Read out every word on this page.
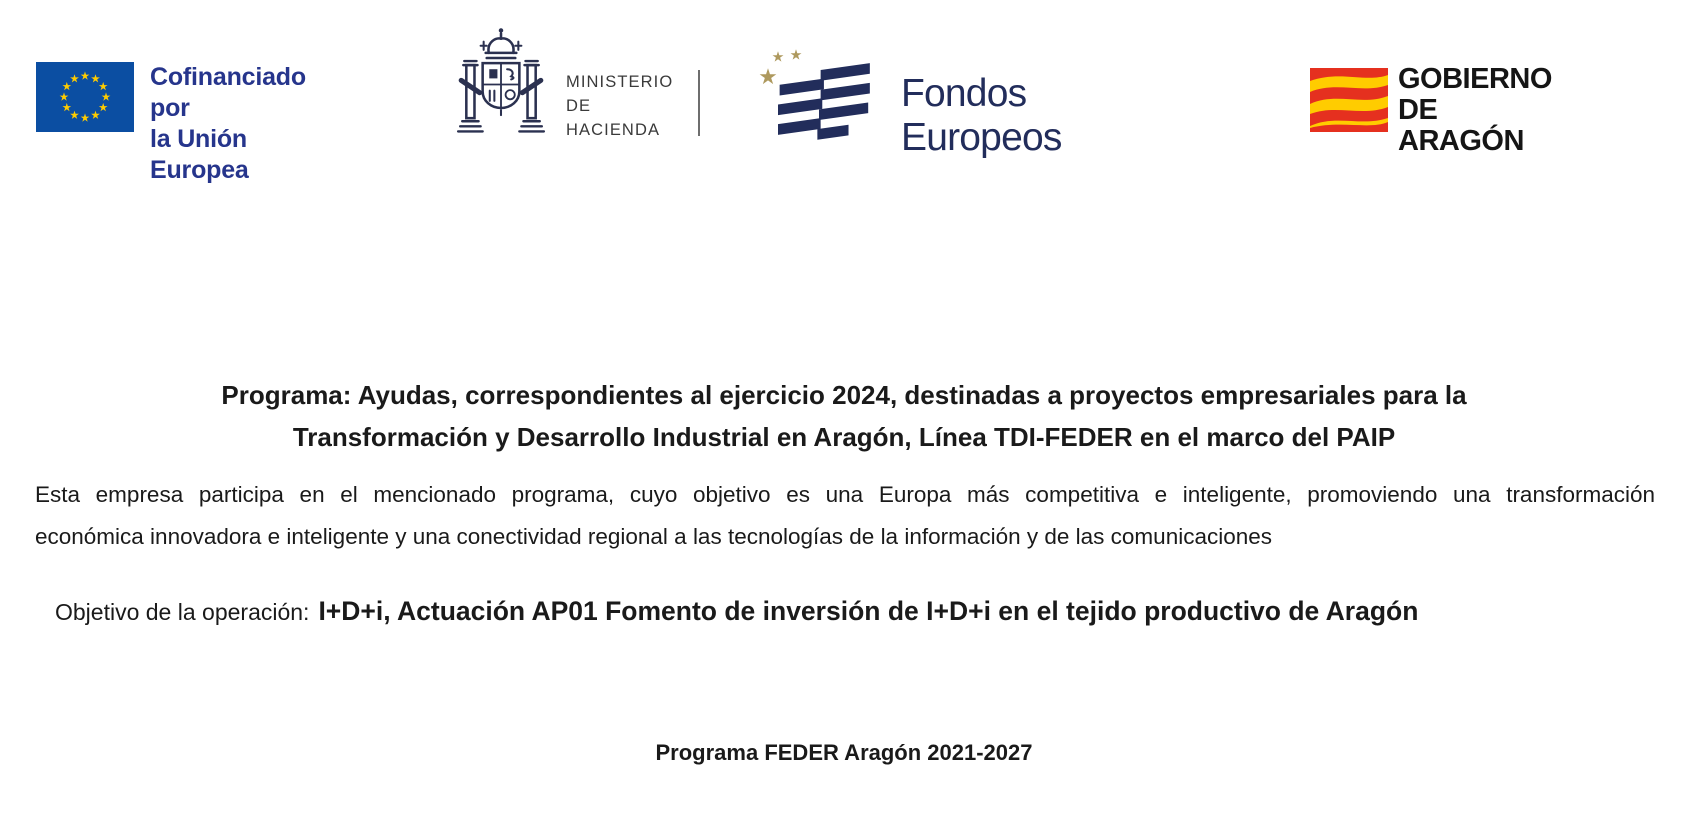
Cofinanciado por
la Unión Europea
MINISTERIO
DE HACIENDA
Fondos Europeos
GOBIERNO
DE ARAGÓN
Programa: Ayudas, correspondientes al ejercicio 2024, destinadas a proyectos empresariales para la
Transformación y Desarrollo Industrial en Aragón, Línea TDI-FEDER en el marco del PAIP
Esta empresa participa en el mencionado programa, cuyo objetivo es una Europa más competitiva e inteligente, promoviendo una transformación
económica innovadora e inteligente y una conectividad regional a las tecnologías de la información y de las comunicaciones
Objetivo de la operación: I+D+i, Actuación AP01 Fomento de inversión de I+D+i en el tejido productivo de Aragón
Programa FEDER Aragón 2021-2027
